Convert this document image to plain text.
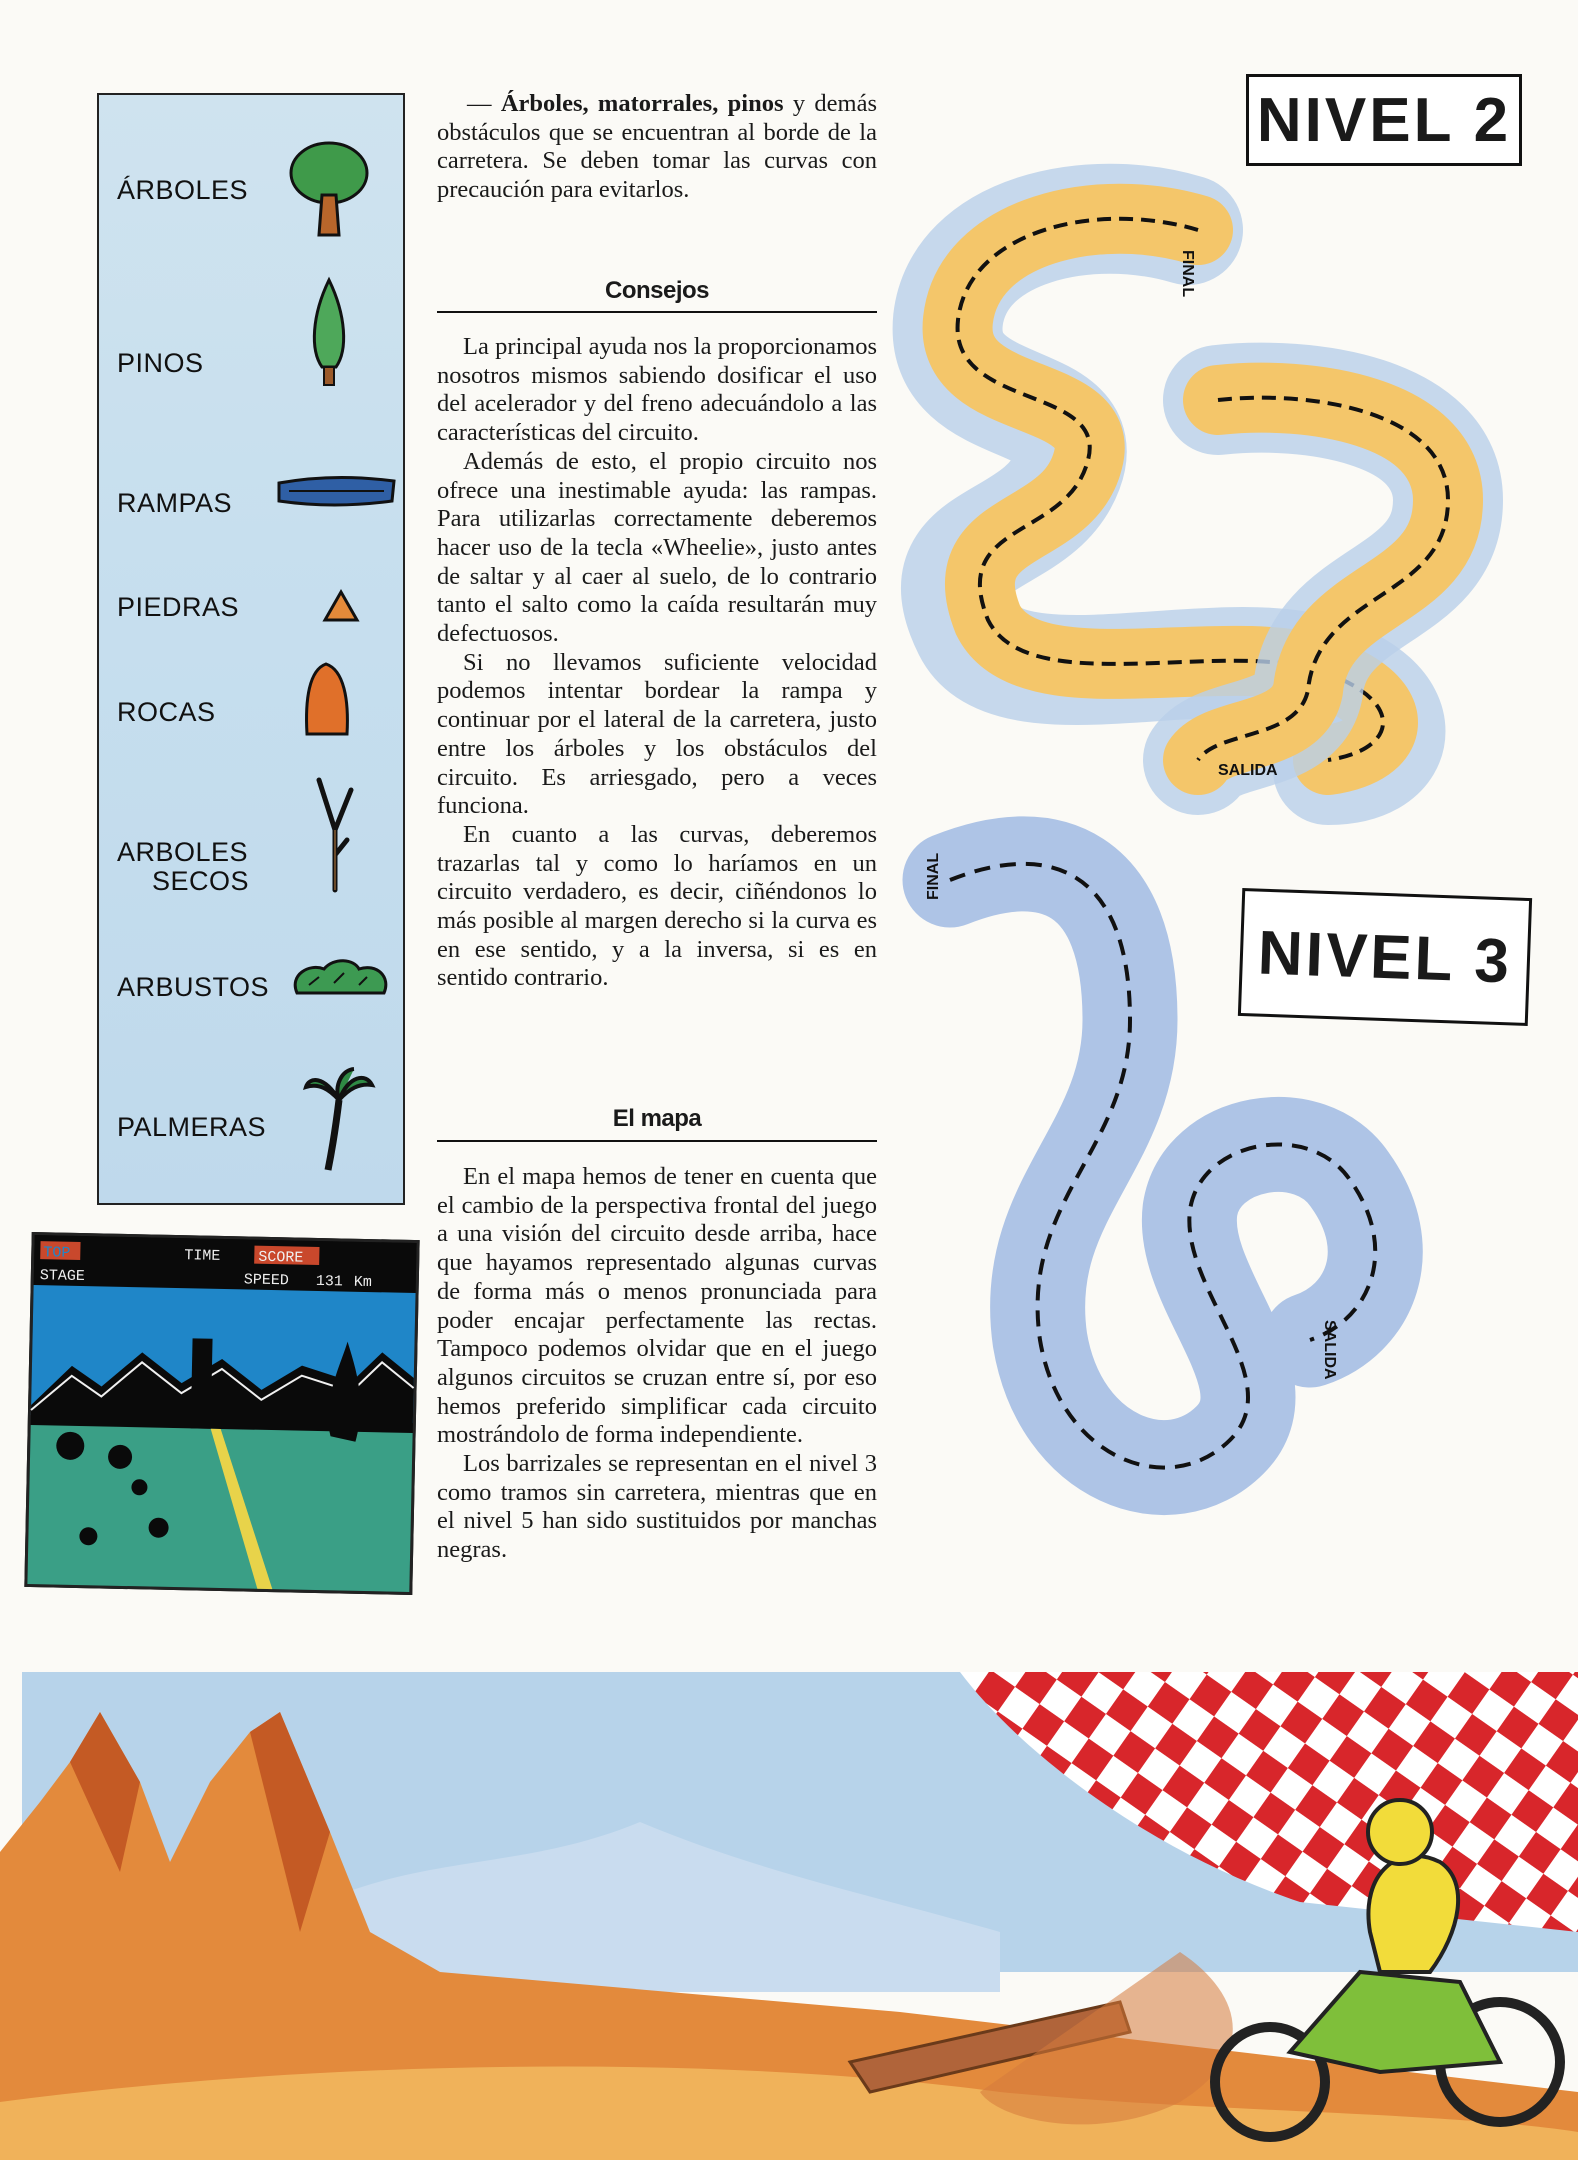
ÁRBOLES
PINOS
RAMPAS
PIEDRAS
ROCAS
ARBOLES
SECOS
ARBUSTOS
PALMERAS
TOP	TIME	SCORE
STAGE	SPEED 131 Km

— Árboles, matorrales, pinos y demás obstáculos que se encuentran al borde de la carretera. Se deben tomar las curvas con precaución para evitarlos.

Consejos

La principal ayuda nos la proporcionamos nosotros mismos sabiendo dosificar el uso del acelerador y del freno adecuándolo a las características del circuito.

Además de esto, el propio circuito nos ofrece una inestimable ayuda: las rampas. Para utilizarlas correctamente deberemos hacer uso de la tecla «Wheelie», justo antes de saltar y al caer al suelo, de lo contrario tanto el salto como la caída resultarán muy defectuosos.

Si no llevamos suficiente velocidad podemos intentar bordear la rampa y continuar por el lateral de la carretera, justo entre los árboles y los obstáculos del circuito. Es arriesgado, pero a veces funciona.

En cuanto a las curvas, deberemos trazarlas tal y como lo haríamos en un circuito verdadero, es decir, ciñéndonos lo más posible al margen derecho si la curva es en ese sentido, y a la inversa, si es en sentido contrario.

El mapa

En el mapa hemos de tener en cuenta que el cambio de la perspectiva frontal del juego a una visión del circuito desde arriba, hace que hayamos representado algunas curvas de forma más o menos pronunciada para poder encajar perfectamente las rectas. Tampoco podemos olvidar que en el juego algunos circuitos se cruzan entre sí, por eso hemos preferido simplificar cada circuito mostrándolo de forma independiente.

Los barrizales se representan en el nivel 3 como tramos sin carretera, mientras que en el nivel 5 han sido sustituidos por manchas negras.

NIVEL 2
FINAL
SALIDA
FINAL
SALIDA
NIVEL 3
